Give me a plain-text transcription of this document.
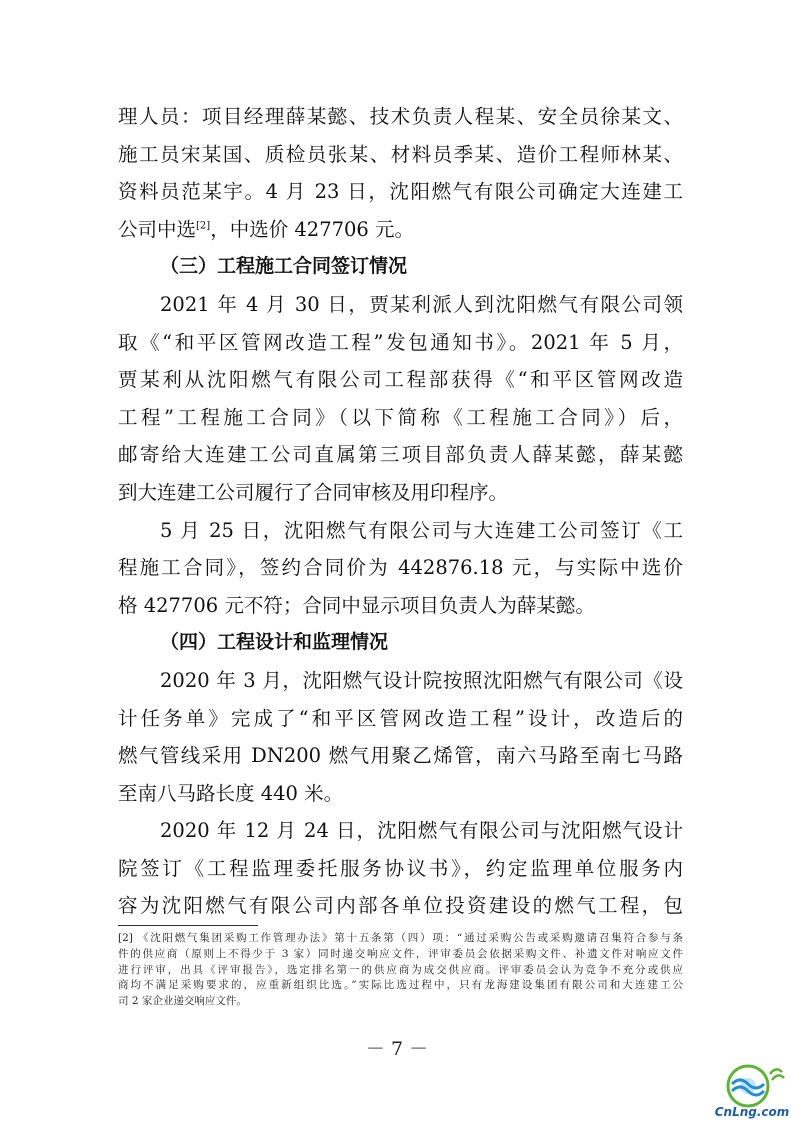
理人员：项目经理薛某懿、技术负责人程某、安全员徐某文、
施工员宋某国、质检员张某、材料员季某、造价工程师林某、
资料员范某宇。4 月 23 日，沈阳燃气有限公司确定大连建工
公司中选[2]，中选价 427706 元。
（三）工程施工合同签订情况
2021 年 4 月 30 日，贾某利派人到沈阳燃气有限公司领
取《“和平区管网改造工程”发包通知书》。2021 年 5 月，
贾某利从沈阳燃气有限公司工程部获得《“和平区管网改造
工程”工程施工合同》（以下简称《工程施工合同》）后，
邮寄给大连建工公司直属第三项目部负责人薛某懿，薛某懿
到大连建工公司履行了合同审核及用印程序。
5 月 25 日，沈阳燃气有限公司与大连建工公司签订《工
程施工合同》，签约合同价为 442876.18 元，与实际中选价
格 427706 元不符；合同中显示项目负责人为薛某懿。
（四）工程设计和监理情况
2020 年 3 月，沈阳燃气设计院按照沈阳燃气有限公司《设
计任务单》完成了“和平区管网改造工程”设计，改造后的
燃气管线采用 DN200 燃气用聚乙烯管，南六马路至南七马路
至南八马路长度 440 米。
2020 年 12 月 24 日，沈阳燃气有限公司与沈阳燃气设计
院签订《工程监理委托服务协议书》，约定监理单位服务内
容为沈阳燃气有限公司内部各单位投资建设的燃气工程，包
[2] 《沈阳燃气集团采购工作管理办法》第十五条第（四）项：“通过采购公告或采购邀请召集符合参与条
件的供应商（原则上不得少于 3 家）同时递交响应文件，评审委员会依据采购文件、补遗文件对响应文件
进行评审，出具《评审报告》，选定排名第一的供应商为成交供应商。评审委员会认为竞争不充分或供应
商均不满足采购要求的，应重新组织比选。”实际比选过程中，只有龙海建设集团有限公司和大连建工公
司 2 家企业递交响应文件。
－ 7 －
CnLng.com
